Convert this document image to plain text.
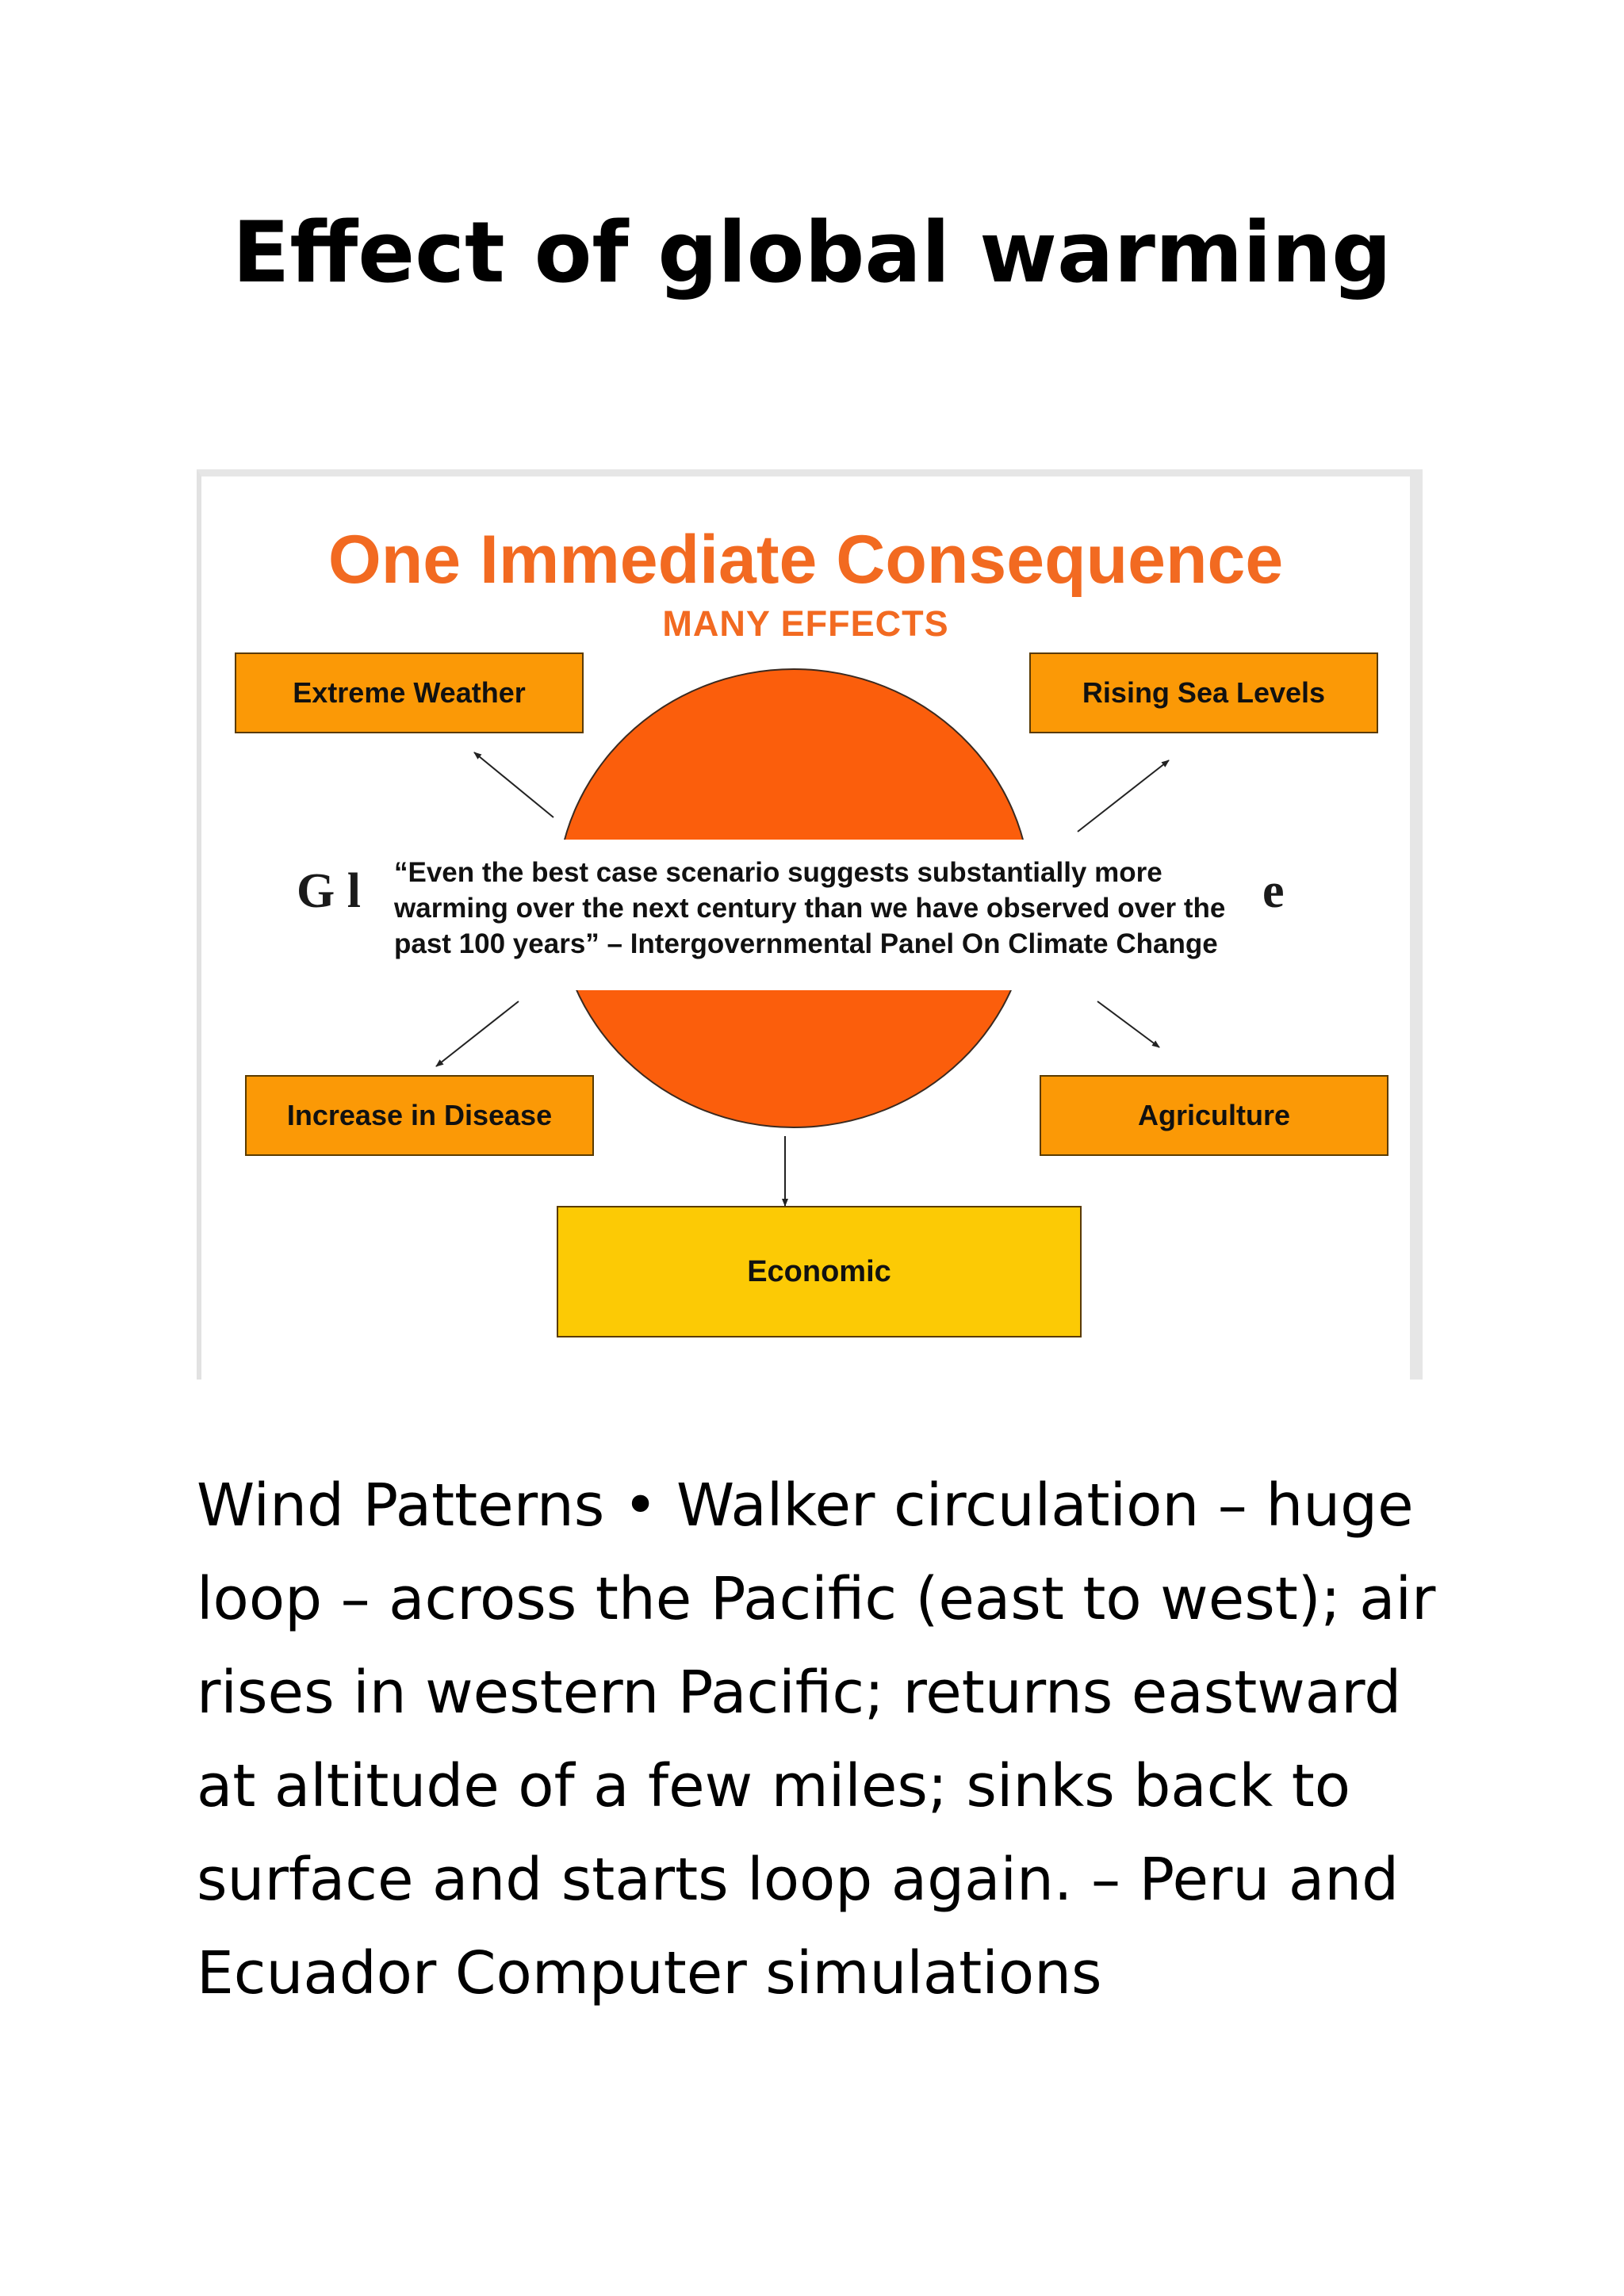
Effect of global warming
One Immediate Consequence
MANY EFFECTS
Extreme Weather	Rising Sea Levels
Increase in Disease	Agriculture
Economic
G l	e

“Even the best case scenario suggests substantially more warming over the next century than we have observed over the past 100 years” – Intergovernmental Panel On Climate Change

Wind Patterns • Walker circulation – huge loop – across the Pacific (east to west); air rises in western Pacific; returns eastward at altitude of a few miles; sinks back to surface and starts loop again. – Peru and Ecuador Computer simulations
